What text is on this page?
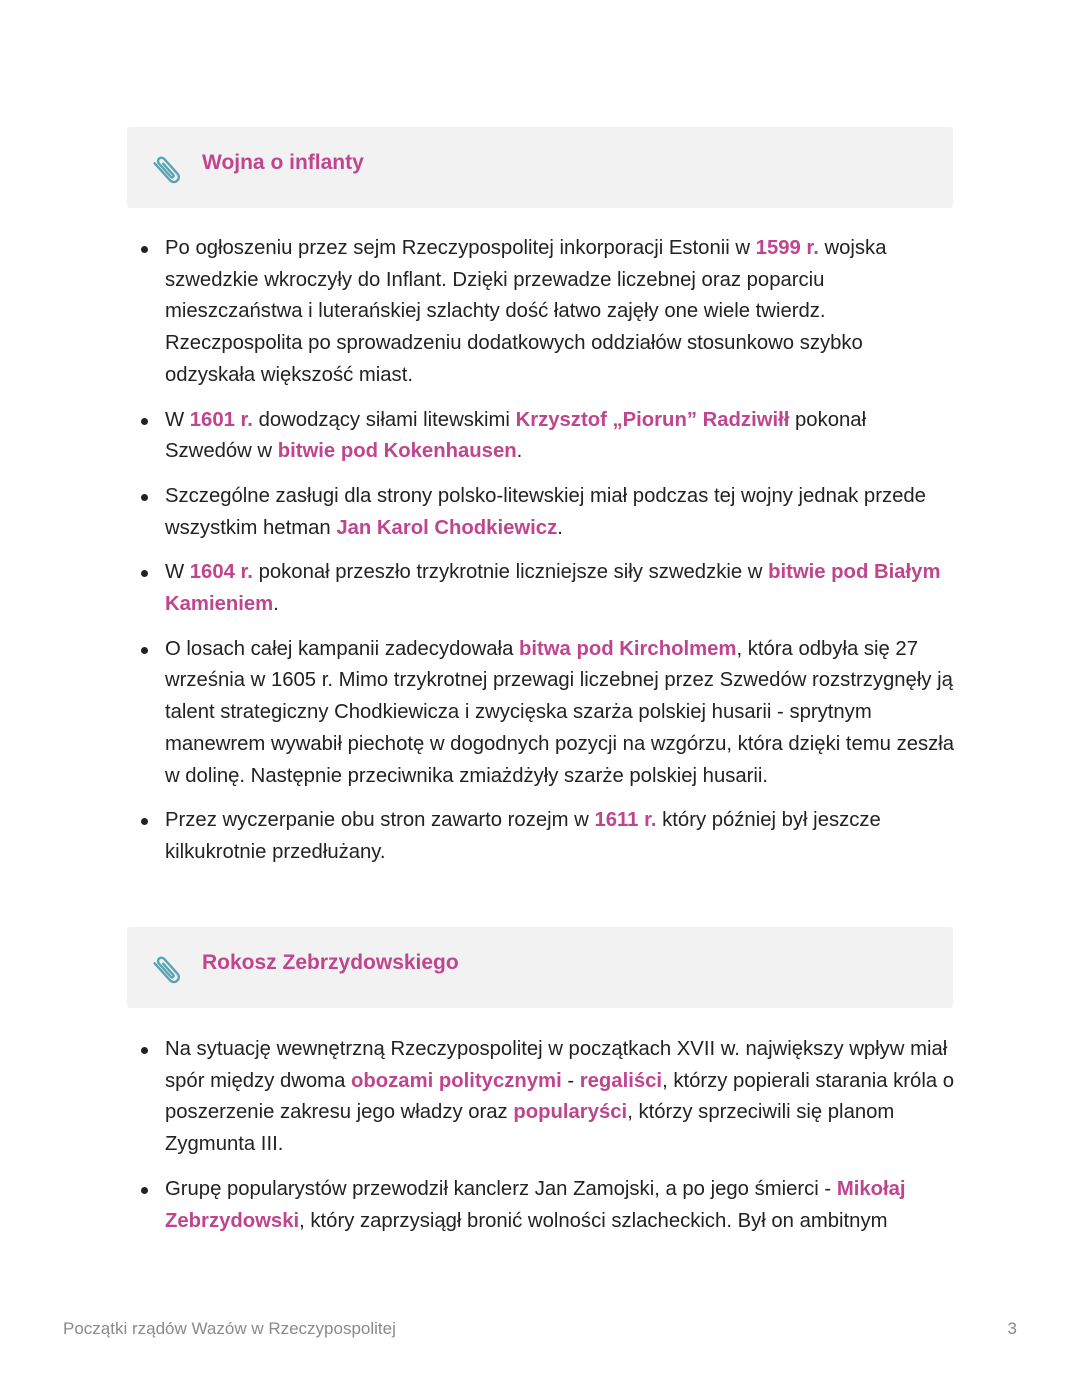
Wojna o inflanty
Po ogłoszeniu przez sejm Rzeczypospolitej inkorporacji Estonii w 1599 r. wojska szwedzkie wkroczyły do Inflant. Dzięki przewadze liczebnej oraz poparciu mieszczaństwa i luterańskiej szlachty dość łatwo zajęły one wiele twierdz. Rzeczpospolita po sprowadzeniu dodatkowych oddziałów stosunkowo szybko odzyskała większość miast.
W 1601 r. dowodzący siłami litewskimi Krzysztof „Piorun” Radziwiłł pokonał Szwedów w bitwie pod Kokenhausen.
Szczególne zasługi dla strony polsko-litewskiej miał podczas tej wojny jednak przede wszystkim hetman Jan Karol Chodkiewicz.
W 1604 r. pokonał przeszło trzykrotnie liczniejsze siły szwedzkie w bitwie pod Białym Kamieniem.
O losach całej kampanii zadecydowała bitwa pod Kircholmem, która odbyła się 27 września w 1605 r. Mimo trzykrotnej przewagi liczebnej przez Szwedów rozstrzygnęły ją talent strategiczny Chodkiewicza i zwycięska szarża polskiej husarii - sprytnym manewrem wywabił piechotę w dogodnych pozycji na wzgórzu, która dzięki temu zeszła w dolinę. Następnie przeciwnika zmiażdżyły szarże polskiej husarii.
Przez wyczerpanie obu stron zawarto rozejm w 1611 r. który później był jeszcze kilkukrotnie przedłużany.
Rokosz Zebrzydowskiego
Na sytuację wewnętrzną Rzeczypospolitej w początkach XVII w. największy wpływ miał spór między dwoma obozami politycznymi - regaliści, którzy popierali starania króla o poszerzenie zakresu jego władzy oraz popularyści, którzy sprzeciwili się planom Zygmunta III.
Grupę popularystów przewodził kanclerz Jan Zamojski, a po jego śmierci - Mikołaj Zebrzydowski, który zaprzysiągł bronić wolności szlacheckich. Był on ambitnym
Początki rządów Wazów w Rzeczypospolitej	3
